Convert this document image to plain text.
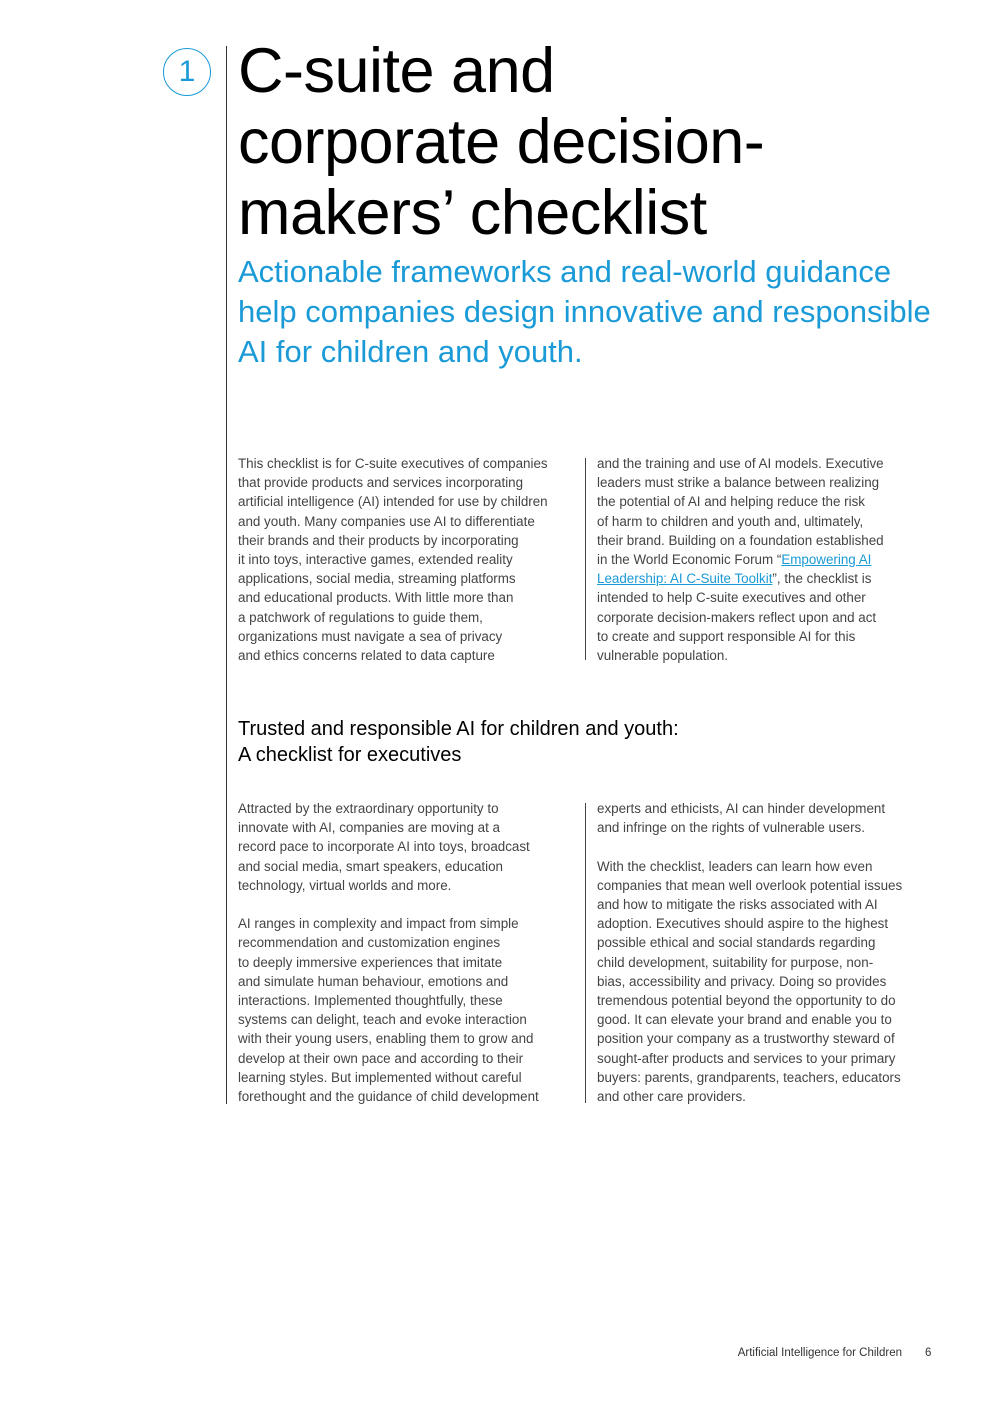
1 C-suite and
corporate decision-
makers’ checklist
Actionable frameworks and real-world guidance help companies design innovative and responsible AI for children and youth.

This checklist is for C-suite executives of companies
that provide products and services incorporating
artificial intelligence (AI) intended for use by children
and youth. Many companies use AI to differentiate
their brands and their products by incorporating
it into toys, interactive games, extended reality
applications, social media, streaming platforms
and educational products. With little more than
a patchwork of regulations to guide them,
organizations must navigate a sea of privacy
and ethics concerns related to data capture

and the training and use of AI models. Executive
leaders must strike a balance between realizing
the potential of AI and helping reduce the risk
of harm to children and youth and, ultimately,
their brand. Building on a foundation established
in the World Economic Forum “Empowering AI
Leadership: AI C-Suite Toolkit”, the checklist is
intended to help C-suite executives and other
corporate decision-makers reflect upon and act
to create and support responsible AI for this
vulnerable population.

Trusted and responsible AI for children and youth:
A checklist for executives

Attracted by the extraordinary opportunity to
innovate with AI, companies are moving at a
record pace to incorporate AI into toys, broadcast
and social media, smart speakers, education
technology, virtual worlds and more.

AI ranges in complexity and impact from simple
recommendation and customization engines
to deeply immersive experiences that imitate
and simulate human behaviour, emotions and
interactions. Implemented thoughtfully, these
systems can delight, teach and evoke interaction
with their young users, enabling them to grow and
develop at their own pace and according to their
learning styles. But implemented without careful
forethought and the guidance of child development

experts and ethicists, AI can hinder development
and infringe on the rights of vulnerable users.

With the checklist, leaders can learn how even
companies that mean well overlook potential issues
and how to mitigate the risks associated with AI
adoption. Executives should aspire to the highest
possible ethical and social standards regarding
child development, suitability for purpose, non-
bias, accessibility and privacy. Doing so provides
tremendous potential beyond the opportunity to do
good. It can elevate your brand and enable you to
position your company as a trustworthy steward of
sought-after products and services to your primary
buyers: parents, grandparents, teachers, educators
and other care providers.

Artificial Intelligence for Children 6
